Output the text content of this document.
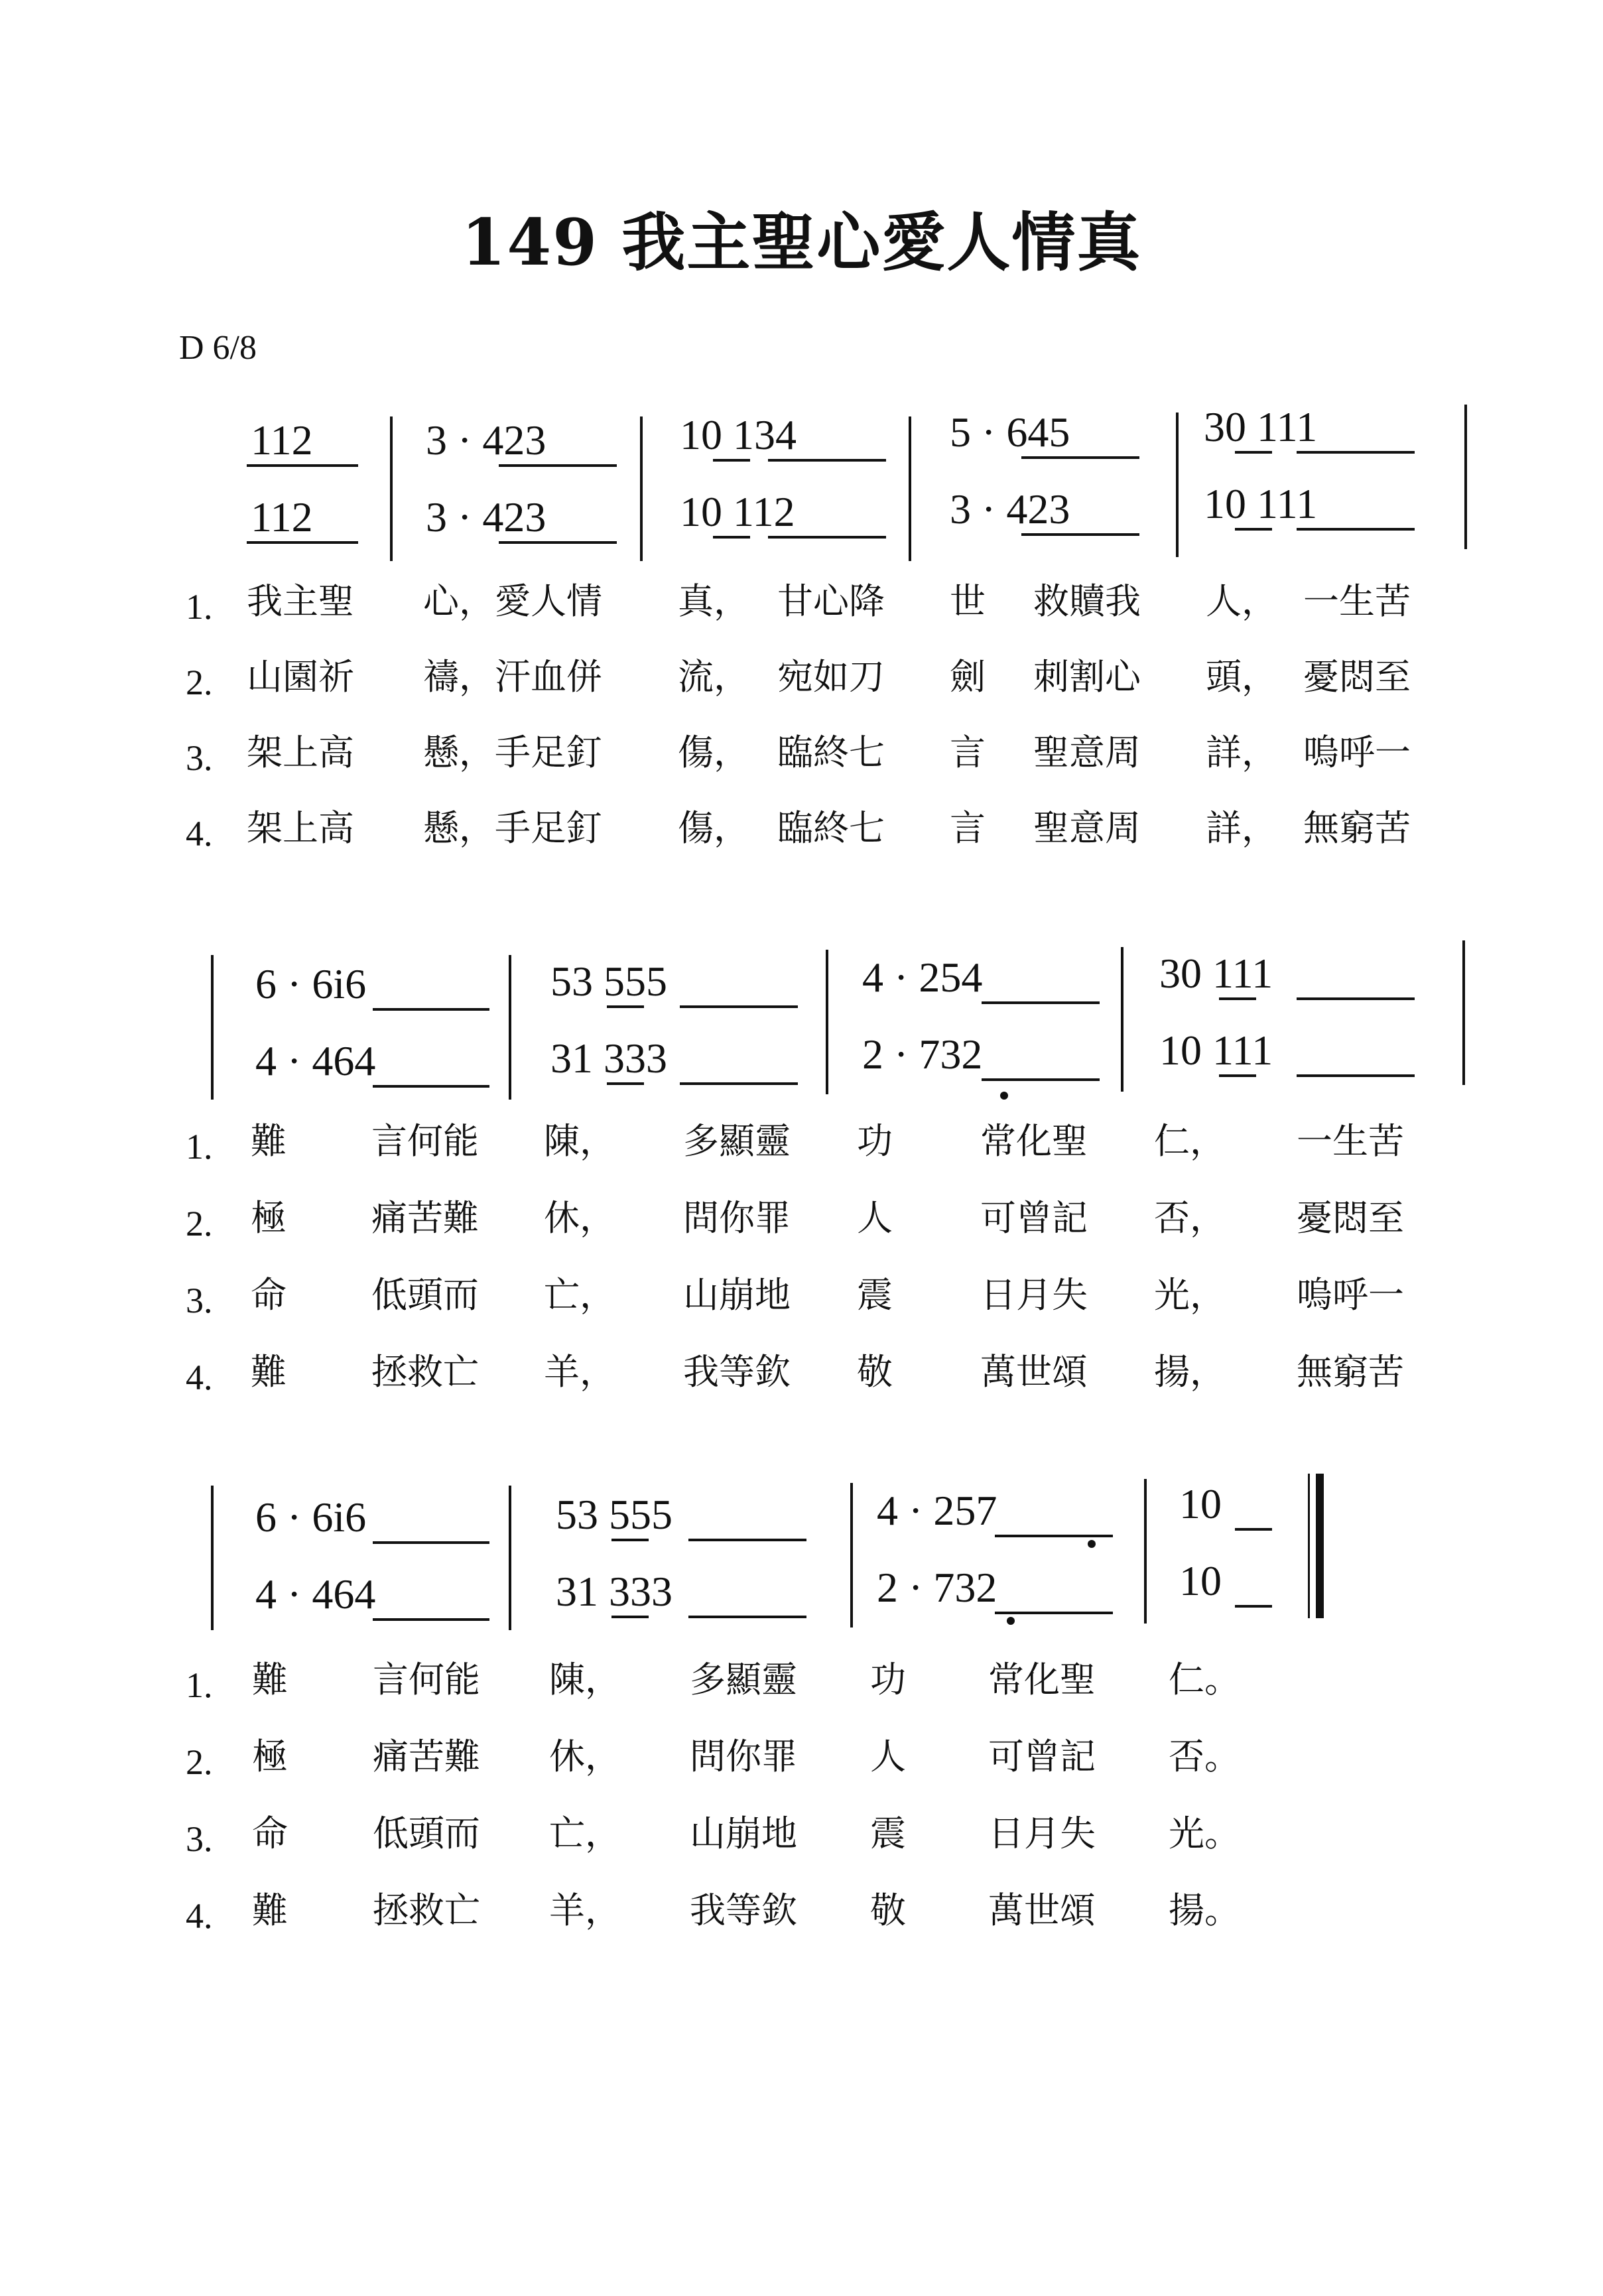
149 我主聖心愛人情真
D 6/8
112
112
3 · 423
3 · 423
10 134
10 112
5 · 645
3 · 423
30 111
10 111
1. 我主聖 心，愛人情 真， 甘心降 世 救贖我 人， 一生苦
2. 山園祈 禱，汗血併 流， 宛如刀 劍 刺割心 頭， 憂悶至
3. 架上高 懸，手足釘 傷， 臨終七 言 聖意周 詳， 嗚呼一
4. 架上高 懸，手足釘 傷， 臨終七 言 聖意周 詳， 無窮苦
6 · 6i6
4 · 464
53 555
31 333
4 · 254
2 · 732
30 111
10 111
1. 難 言何能 陳， 多顯靈 功 常化聖 仁， 一生苦
2. 極 痛苦難 休， 問你罪 人 可曾記 否， 憂悶至
3. 命 低頭而 亡， 山崩地 震 日月失 光， 嗚呼一
4. 難 拯救亡 羊， 我等欽 敬 萬世頌 揚， 無窮苦
6 · 6i6
4 · 464
53 555
31 333
4 · 257
2 · 732
10
10
1. 難 言何能 陳， 多顯靈 功 常化聖 仁。
2. 極 痛苦難 休， 問你罪 人 可曾記 否。
3. 命 低頭而 亡， 山崩地 震 日月失 光。
4. 難 拯救亡 羊， 我等欽 敬 萬世頌 揚。
